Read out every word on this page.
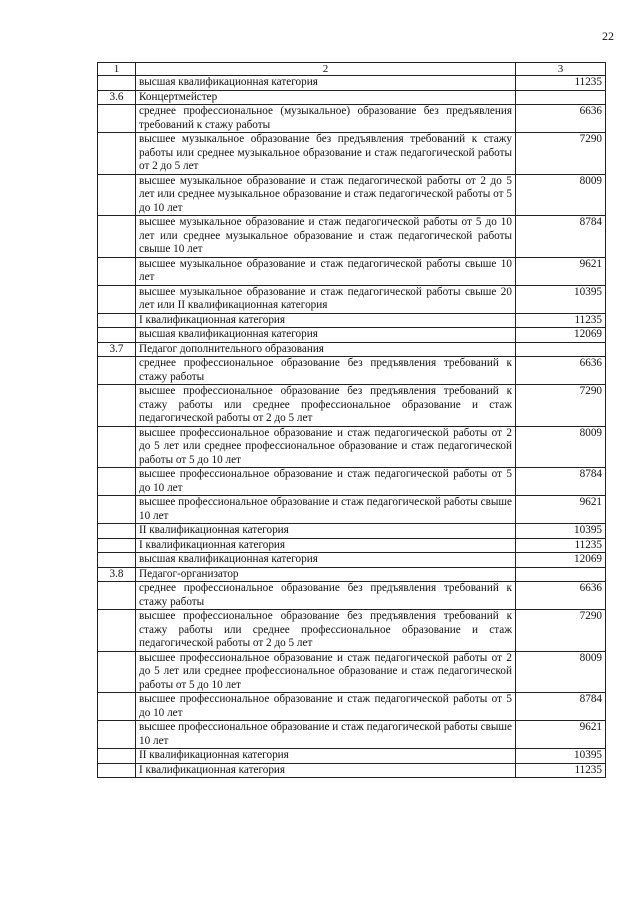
22
1	2	3
	высшая квалификационная категория	11235
3.6	Концертмейстер	
	среднее профессиональное (музыкальное) образование без предъявления требований к стажу работы	6636
	высшее музыкальное образование без предъявления требований к стажу работы или среднее музыкальное образование и стаж педагогической работы от 2 до 5 лет	7290
	высшее музыкальное образование и стаж педагогической работы от 2 до 5 лет или среднее музыкальное образование и стаж педагогической работы от 5 до 10 лет	8009
	высшее музыкальное образование и стаж педагогической работы от 5 до 10 лет или среднее музыкальное образование и стаж педагогической работы свыше 10 лет	8784
	высшее музыкальное образование и стаж педагогической работы свыше 10 лет	9621
	высшее музыкальное образование и стаж педагогической работы свыше 20 лет или II квалификационная категория	10395
	I квалификационная категория	11235
	высшая квалификационная категория	12069
3.7	Педагог дополнительного образования	
	среднее профессиональное образование без предъявления требований к стажу работы	6636
	высшее профессиональное образование без предъявления требований к стажу работы или среднее профессиональное образование и стаж педагогической работы от 2 до 5 лет	7290
	высшее профессиональное образование и стаж педагогической работы от 2 до 5 лет или среднее профессиональное образование и стаж педагогической работы от 5 до 10 лет	8009
	высшее профессиональное образование и стаж педагогической работы от 5 до 10 лет	8784
	высшее профессиональное образование и стаж педагогической работы свыше 10 лет	9621
	II квалификационная категория	10395
	I квалификационная категория	11235
	высшая квалификационная категория	12069
3.8	Педагог-организатор	
	среднее профессиональное образование без предъявления требований к стажу работы	6636
	высшее профессиональное образование без предъявления требований к стажу работы или среднее профессиональное образование и стаж педагогической работы от 2 до 5 лет	7290
	высшее профессиональное образование и стаж педагогической работы от 2 до 5 лет или среднее профессиональное образование и стаж педагогической работы от 5 до 10 лет	8009
	высшее профессиональное образование и стаж педагогической работы от 5 до 10 лет	8784
	высшее профессиональное образование и стаж педагогической работы свыше 10 лет	9621
	II квалификационная категория	10395
	I квалификационная категория	11235
